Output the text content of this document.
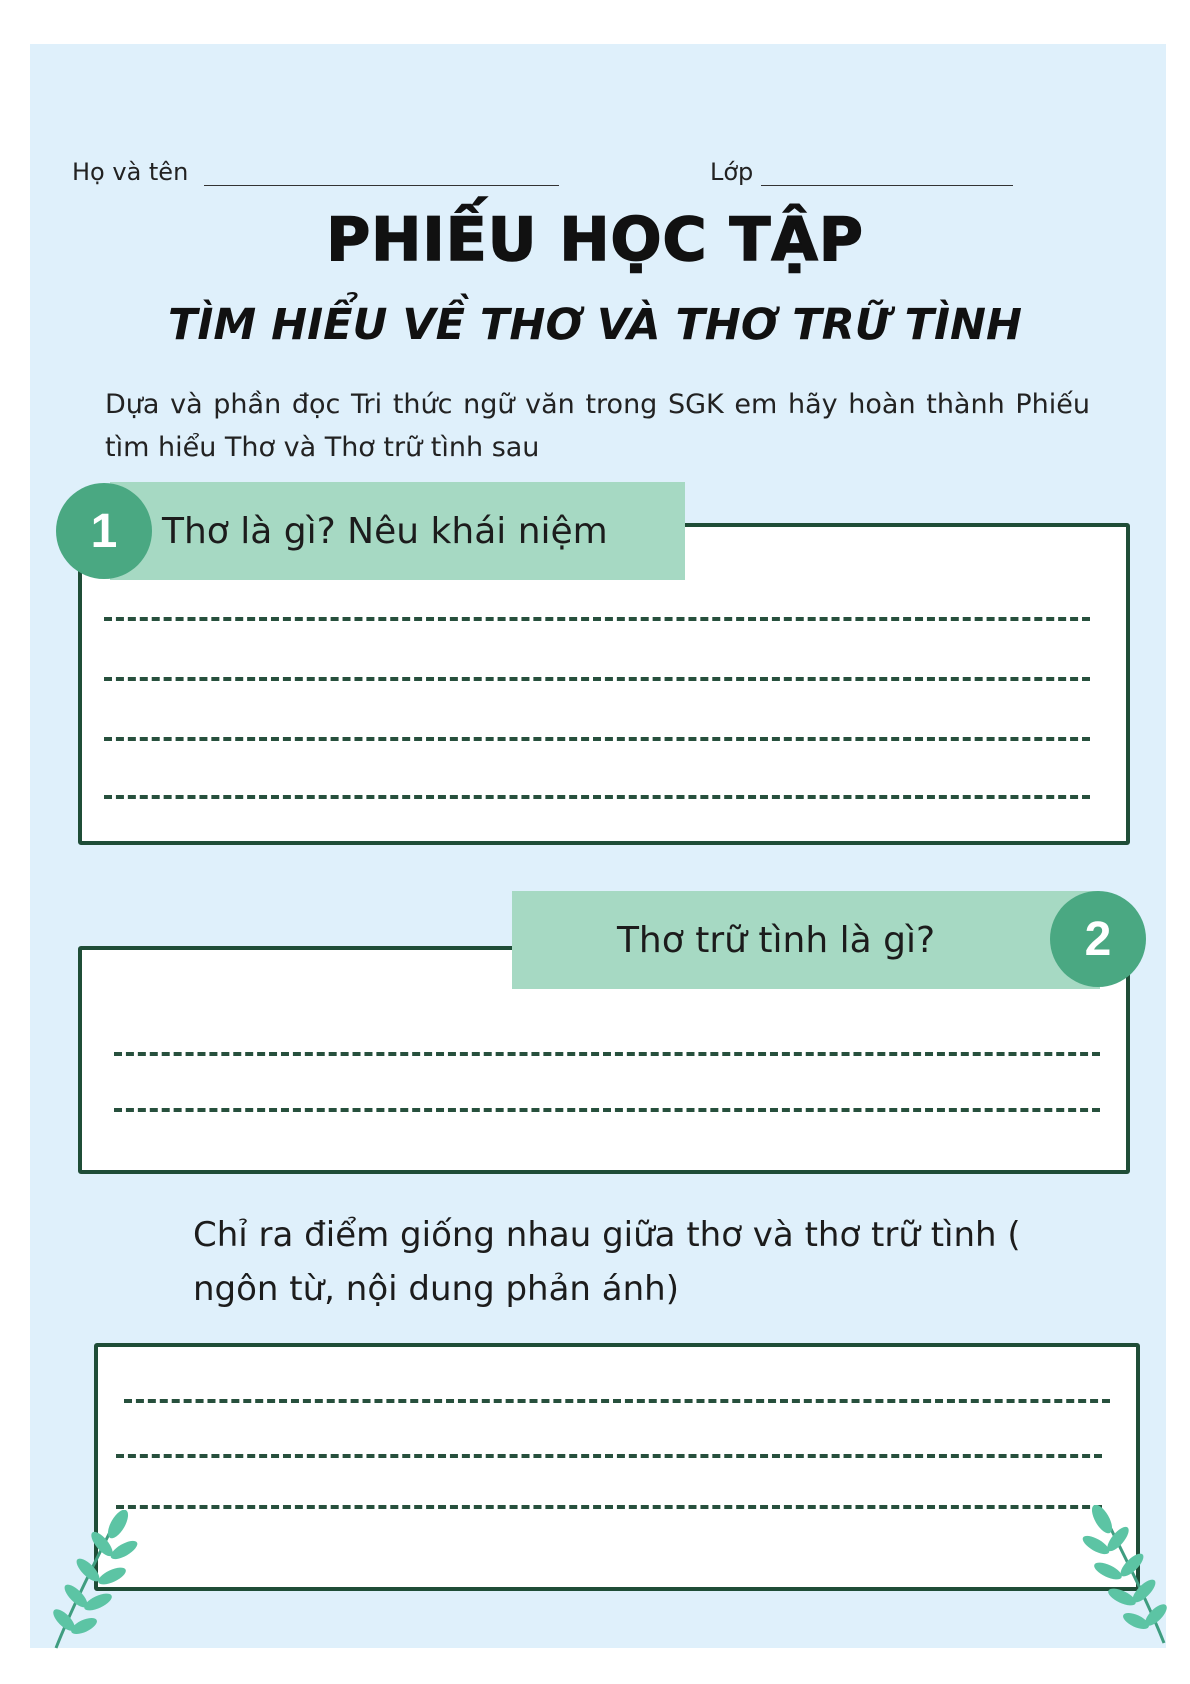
Họ và tên	Lớp
PHIẾU HỌC TẬP
TÌM HIỂU VỀ THƠ VÀ THƠ TRỮ TÌNH
Dựa và phần đọc Tri thức ngữ văn trong SGK em hãy hoàn thành Phiếu tìm hiểu Thơ và Thơ trữ tình sau
Thơ là gì? Nêu khái niệm
1
Thơ trữ tình là gì?	2
Chỉ ra điểm giống nhau giữa thơ và thơ trữ tình ( ngôn từ, nội dung phản ánh)
